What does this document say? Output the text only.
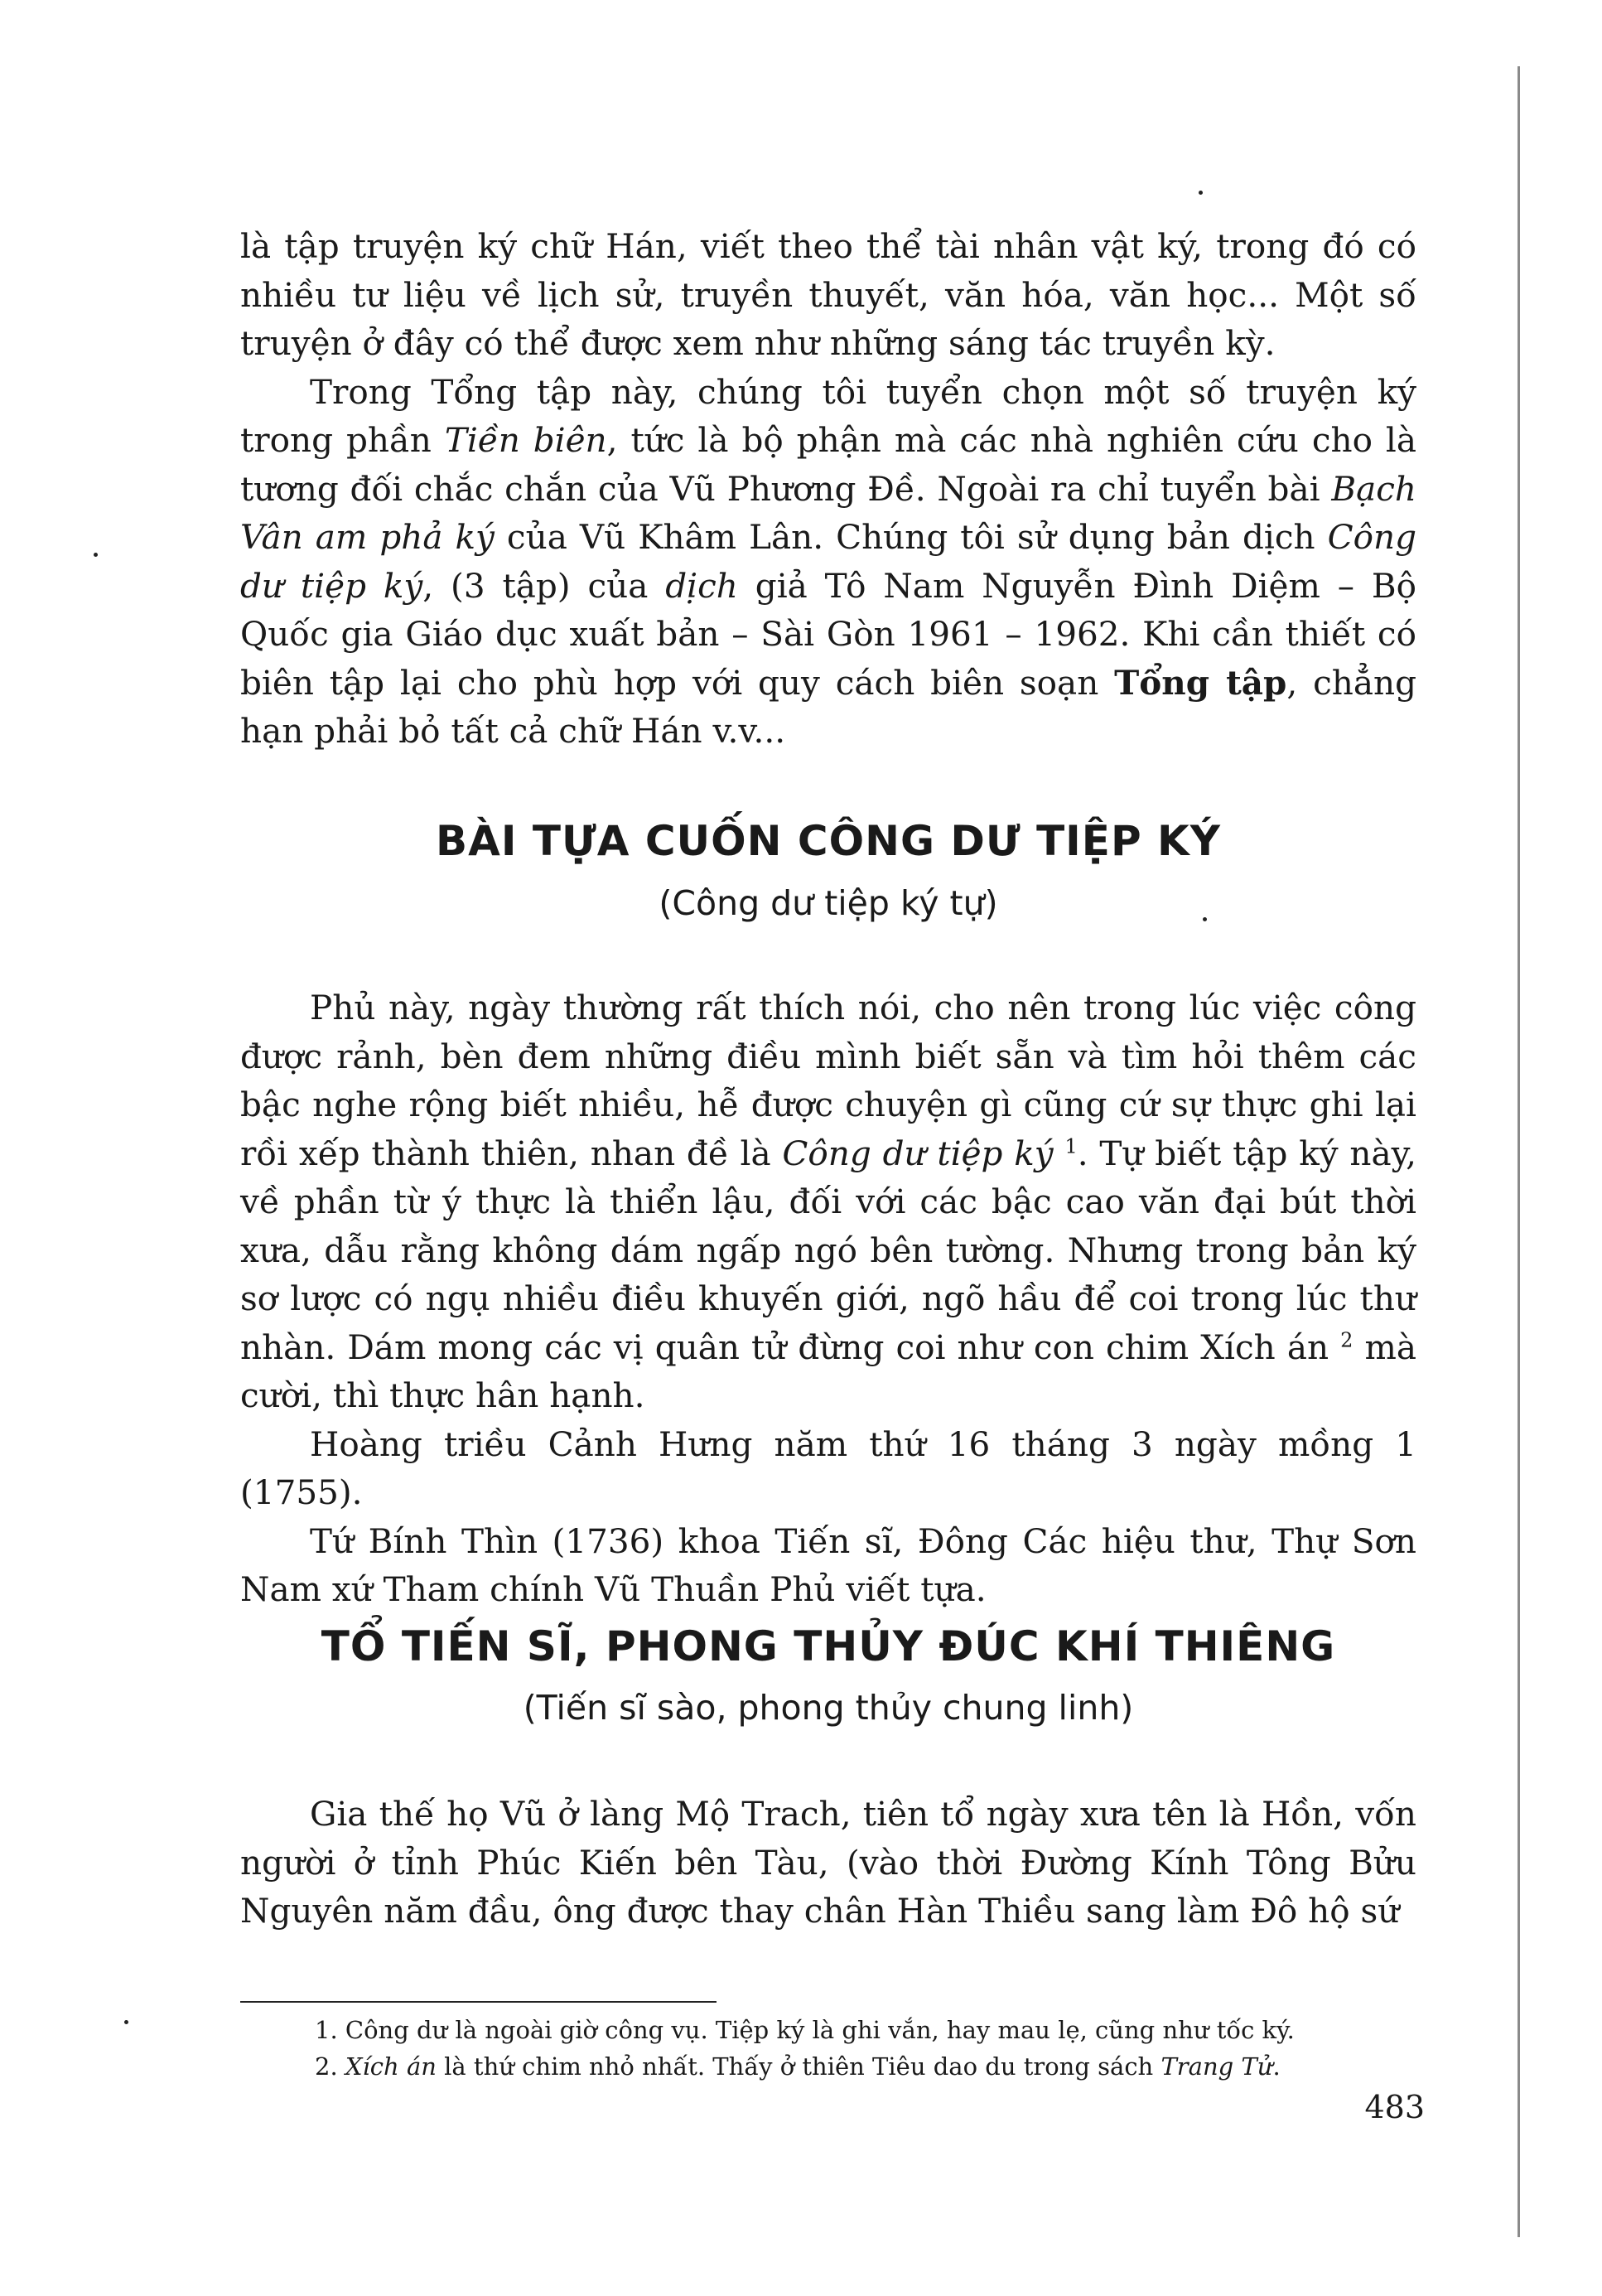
là tập truyện ký chữ Hán, viết theo thể tài nhân vật ký, trong đó có nhiều tư liệu về lịch sử, truyền thuyết, văn hóa, văn học... Một số truyện ở đây có thể được xem như những sáng tác truyền kỳ.

Trong Tổng tập này, chúng tôi tuyển chọn một số truyện ký trong phần Tiền biên, tức là bộ phận mà các nhà nghiên cứu cho là tương đối chắc chắn của Vũ Phương Đề. Ngoài ra chỉ tuyển bài Bạch Vân am phả ký của Vũ Khâm Lân. Chúng tôi sử dụng bản dịch Công dư tiệp ký, (3 tập) của dịch giả Tô Nam Nguyễn Đình Diệm – Bộ Quốc gia Giáo dục xuất bản – Sài Gòn 1961 – 1962. Khi cần thiết có biên tập lại cho phù hợp với quy cách biên soạn Tổng tập, chẳng hạn phải bỏ tất cả chữ Hán v.v...

BÀI TỰA CUỐN CÔNG DƯ TIỆP KÝ

(Công dư tiệp ký tự)

Phủ này, ngày thường rất thích nói, cho nên trong lúc việc công được rảnh, bèn đem những điều mình biết sẵn và tìm hỏi thêm các bậc nghe rộng biết nhiều, hễ được chuyện gì cũng cứ sự thực ghi lại rồi xếp thành thiên, nhan đề là Công dư tiệp ký $^1$. Tự biết tập ký này, về phần từ ý thực là thiển lậu, đối với các bậc cao văn đại bút thời xưa, dẫu rằng không dám ngấp ngó bên tường. Nhưng trong bản ký sơ lược có ngụ nhiều điều khuyến giới, ngõ hầu để coi trong lúc thư nhàn. Dám mong các vị quân tử đừng coi như con chim Xích án $^2$ mà cười, thì thực hân hạnh.

Hoàng triều Cảnh Hưng năm thứ 16 tháng 3 ngày mồng 1 (1755).

Tứ Bính Thìn (1736) khoa Tiến sĩ, Đông Các hiệu thư, Thự Sơn Nam xứ Tham chính Vũ Thuần Phủ viết tựa.

TỔ TIẾN SĨ, PHONG THỦY ĐÚC KHÍ THIÊNG

(Tiến sĩ sào, phong thủy chung linh)

Gia thế họ Vũ ở làng Mộ Trach, tiên tổ ngày xưa tên là Hồn, vốn người ở tỉnh Phúc Kiến bên Tàu, (vào thời Đường Kính Tông Bửu Nguyên năm đầu, ông được thay chân Hàn Thiều sang làm Đô hộ sứ

1. Công dư là ngoài giờ công vụ. Tiệp ký là ghi vắn, hay mau lẹ, cũng như tốc ký.

2. Xích án là thứ chim nhỏ nhất. Thấy ở thiên Tiêu dao du trong sách Trang Tử.

483
